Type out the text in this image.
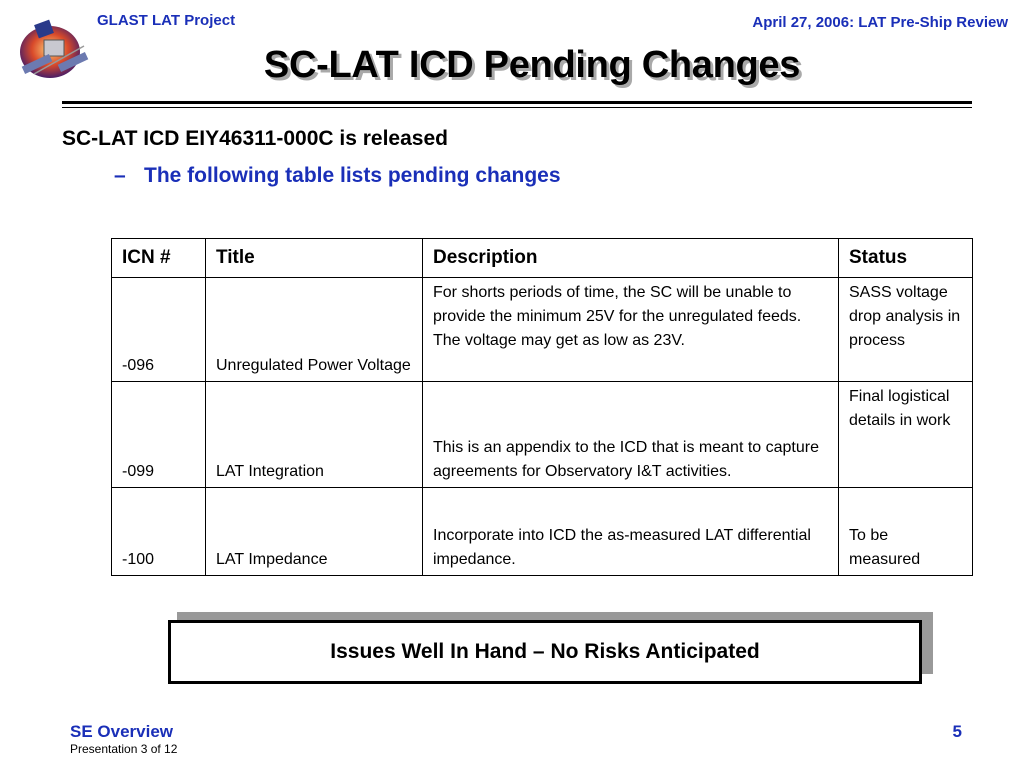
GLAST LAT Project	April 27, 2006: LAT Pre-Ship Review
SC-LAT ICD Pending Changes
SC-LAT ICD EIY46311-000C is released
– The following table lists pending changes
ICN #	Title	Description	Status
-096	Unregulated Power Voltage	For shorts periods of time, the SC will be unable to provide the minimum 25V for the unregulated feeds. The voltage may get as low as 23V.	SASS voltage drop analysis in process
-099	LAT Integration	This is an appendix to the ICD that is meant to capture agreements for Observatory I&T activities.	Final logistical details in work
-100	LAT Impedance	Incorporate into ICD the as-measured LAT differential impedance.	To be measured
Issues Well In Hand – No Risks Anticipated
SE Overview
Presentation 3 of 12
5
